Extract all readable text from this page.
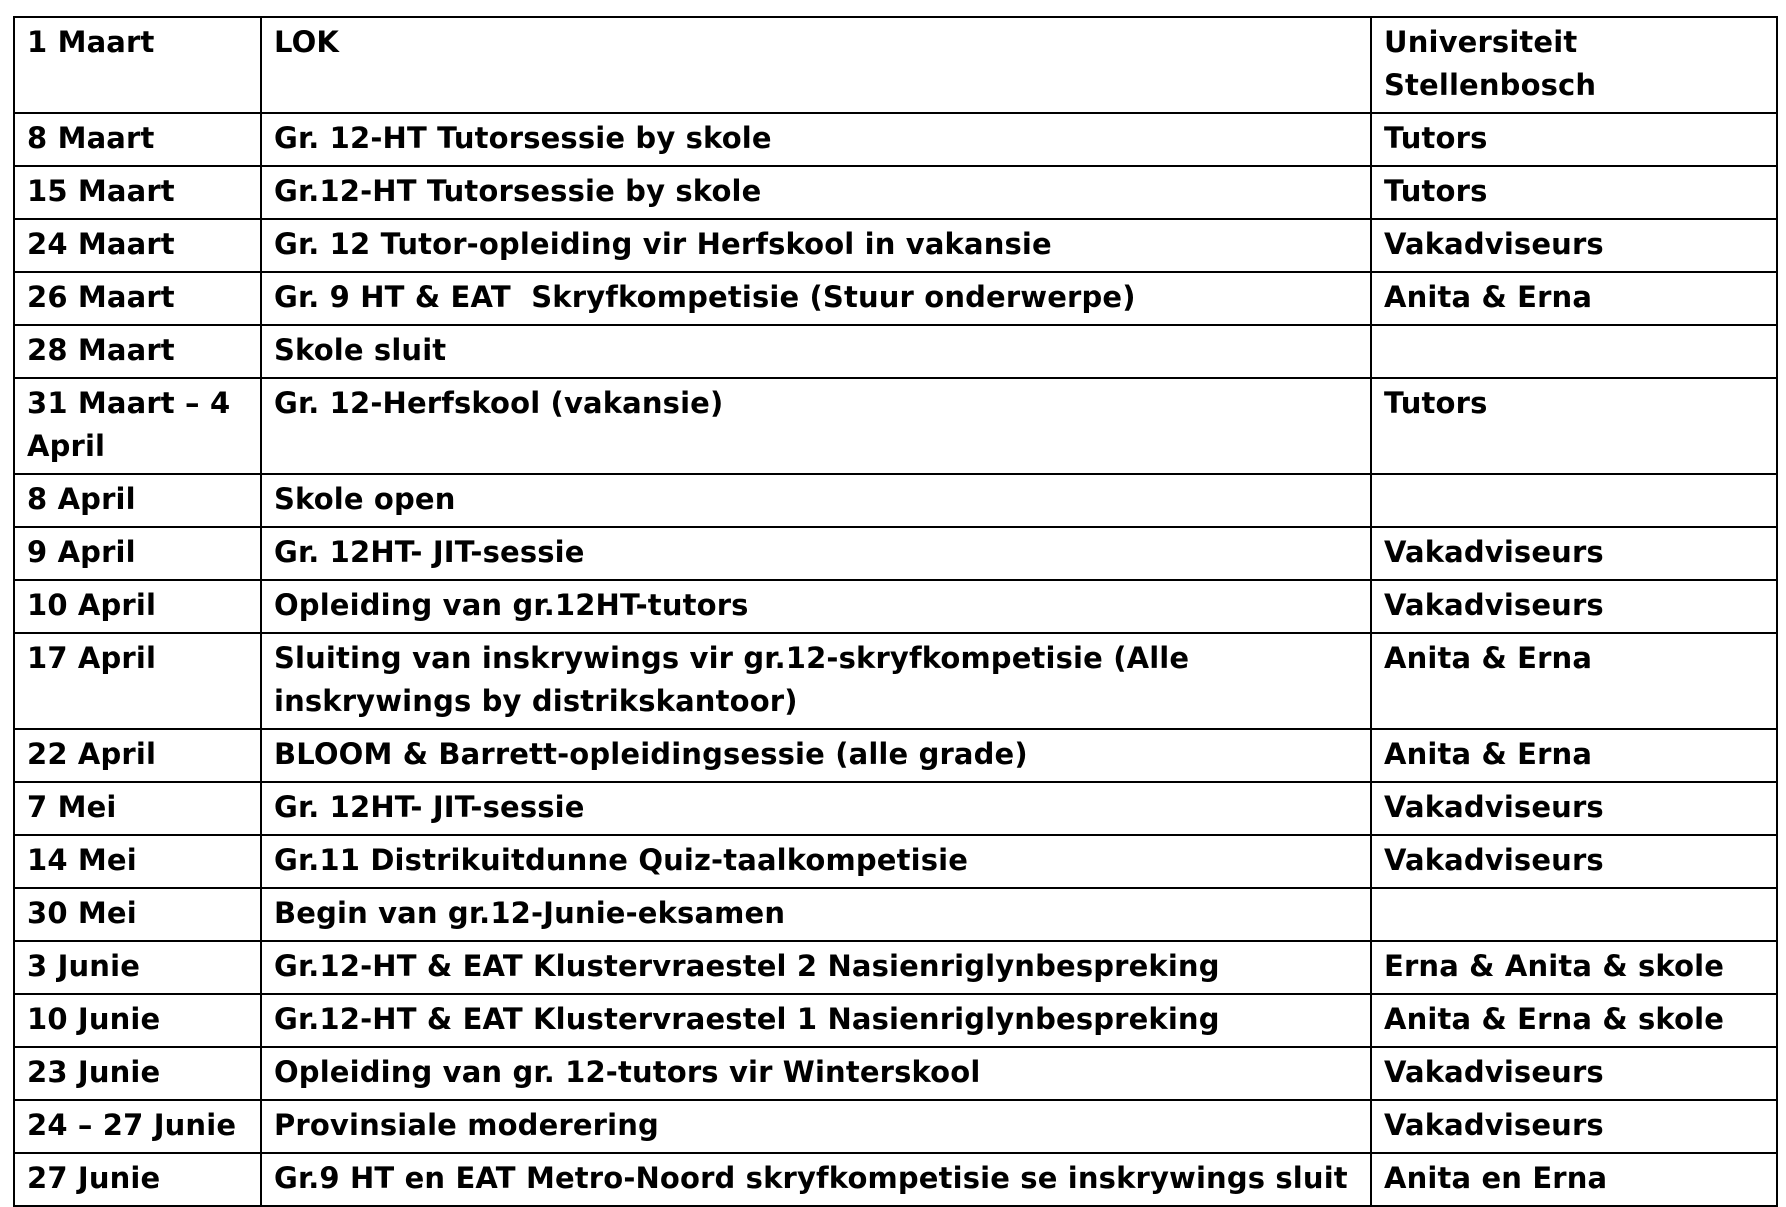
1 Maart	LOK	Universiteit Stellenbosch
8 Maart	Gr. 12-HT Tutorsessie by skole	Tutors
15 Maart	Gr.12-HT Tutorsessie by skole	Tutors
24 Maart	Gr. 12 Tutor-opleiding vir Herfskool in vakansie	Vakadviseurs
26 Maart	Gr. 9 HT & EAT  Skryfkompetisie (Stuur onderwerpe)	Anita & Erna
28 Maart	Skole sluit	
31 Maart – 4 April	Gr. 12-Herfskool (vakansie)	Tutors
8 April	Skole open	
9 April	Gr. 12HT- JIT-sessie	Vakadviseurs
10 April	Opleiding van gr.12HT-tutors	Vakadviseurs
17 April	Sluiting van inskrywings vir gr.12-skryfkompetisie (Alle inskrywings by distrikskantoor)	Anita & Erna
22 April	BLOOM & Barrett-opleidingsessie (alle grade)	Anita & Erna
7 Mei	Gr. 12HT- JIT-sessie	Vakadviseurs
14 Mei	Gr.11 Distrikuitdunne Quiz-taalkompetisie	Vakadviseurs
30 Mei	Begin van gr.12-Junie-eksamen	
3 Junie	Gr.12-HT & EAT Klustervraestel 2 Nasienriglynbespreking	Erna & Anita & skole
10 Junie	Gr.12-HT & EAT Klustervraestel 1 Nasienriglynbespreking	Anita & Erna & skole
23 Junie	Opleiding van gr. 12-tutors vir Winterskool	Vakadviseurs
24 – 27 Junie	Provinsiale moderering	Vakadviseurs
27 Junie	Gr.9 HT en EAT Metro-Noord skryfkompetisie se inskrywings sluit	Anita en Erna
